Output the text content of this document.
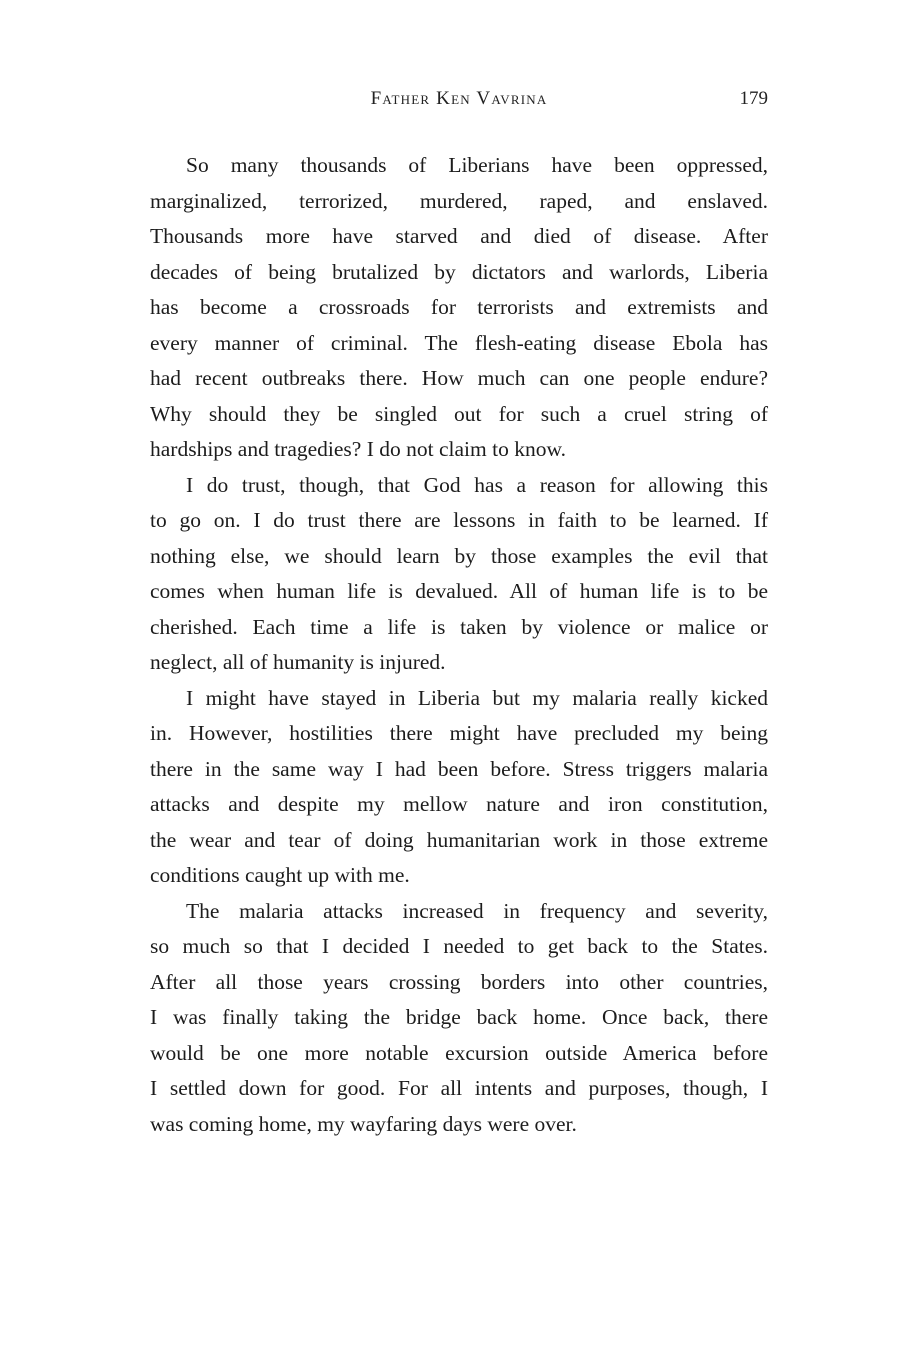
Father Ken Vavrina	179
So many thousands of Liberians have been oppressed,
marginalized, terrorized, murdered, raped, and enslaved.
Thousands more have starved and died of disease. After
decades of being brutalized by dictators and warlords, Liberia
has become a crossroads for terrorists and extremists and
every manner of criminal. The flesh-eating disease Ebola has
had recent outbreaks there. How much can one people endure?
Why should they be singled out for such a cruel string of
hardships and tragedies? I do not claim to know.
I do trust, though, that God has a reason for allowing this
to go on. I do trust there are lessons in faith to be learned. If
nothing else, we should learn by those examples the evil that
comes when human life is devalued. All of human life is to be
cherished. Each time a life is taken by violence or malice or
neglect, all of humanity is injured.
I might have stayed in Liberia but my malaria really kicked
in. However, hostilities there might have precluded my being
there in the same way I had been before. Stress triggers malaria
attacks and despite my mellow nature and iron constitution,
the wear and tear of doing humanitarian work in those extreme
conditions caught up with me.
The malaria attacks increased in frequency and severity,
so much so that I decided I needed to get back to the States.
After all those years crossing borders into other countries,
I was finally taking the bridge back home. Once back, there
would be one more notable excursion outside America before
I settled down for good. For all intents and purposes, though, I
was coming home, my wayfaring days were over.
